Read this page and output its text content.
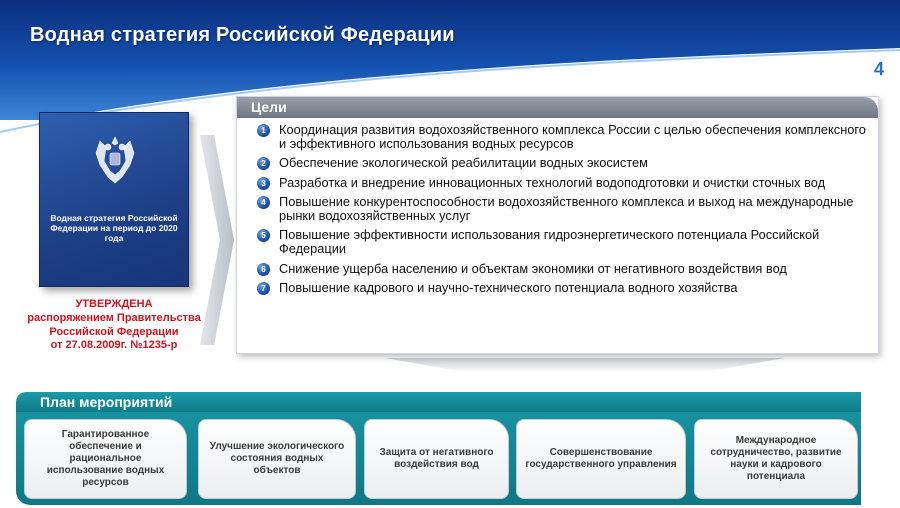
Водная стратегия Российской Федерации
4
Водная стратегия Российской Федерации на период до 2020 года
УТВЕРЖДЕНА
распоряжением Правительства
Российской Федерации
от 27.08.2009г. №1235-р
Цели
1	Координация развития водохозяйственного комплекса России с целью обеспечения комплексного и эффективного использования водных ресурсов
2	Обеспечение экологической реабилитации водных экосистем
3	Разработка и внедрение инновационных технологий водоподготовки и очистки сточных вод
4	Повышение конкурентоспособности водохозяйственного комплекса и выход на международные рынки водохозяйственных услуг
5	Повышение эффективности использования гидроэнергетического потенциала Российской Федерации
6	Снижение ущерба населению и объектам экономики от негативного воздействия вод
7	Повышение кадрового и научно-технического потенциала водного хозяйства
План мероприятий
Гарантированное обеспечение и рациональное использование водных ресурсов
Улучшение экологического состояния водных объектов
Защита от негативного воздействия вод
Совершенствование государственного управления
Международное сотрудничество, развитие науки и кадрового потенциала
